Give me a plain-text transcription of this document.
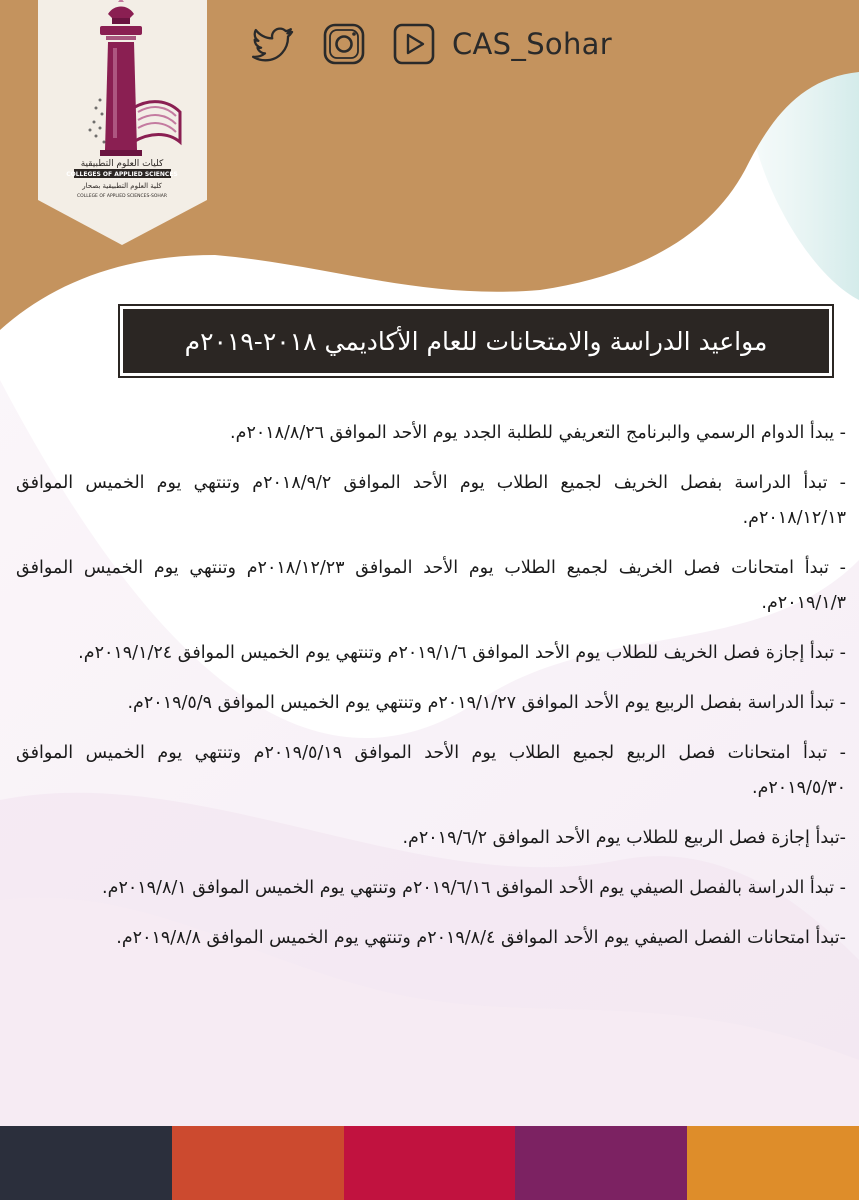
كليات العلوم التطبيقية
COLLEGES OF APPLIED SCIENCES
كلية العلوم التطبيقية بصحار
COLLEGE OF APPLIED SCIENCES-SOHAR
CAS_Sohar
مواعيد الدراسة والامتحانات للعام الأكاديمي ٢٠١٨-٢٠١٩م

- يبدأ الدوام الرسمي والبرنامج التعريفي للطلبة الجدد يوم الأحد الموافق ٢٠١٨/٨/٢٦م.

- تبدأ الدراسة بفصل الخريف لجميع الطلاب يوم الأحد الموافق ٢٠١٨/٩/٢م وتنتهي يوم الخميس الموافق ٢٠١٨/١٢/١٣م.

- تبدأ امتحانات فصل الخريف لجميع الطلاب يوم الأحد الموافق ٢٠١٨/١٢/٢٣م وتنتهي يوم الخميس الموافق ٢٠١٩/١/٣م.

- تبدأ إجازة فصل الخريف للطلاب يوم الأحد الموافق ٢٠١٩/١/٦م وتنتهي يوم الخميس الموافق ٢٠١٩/١/٢٤م.

- تبدأ الدراسة بفصل الربيع يوم الأحد الموافق ٢٠١٩/١/٢٧م وتنتهي يوم الخميس الموافق ٢٠١٩/٥/٩م.

- تبدأ امتحانات فصل الربيع لجميع الطلاب يوم الأحد الموافق ٢٠١٩/٥/١٩م وتنتهي يوم الخميس الموافق ٢٠١٩/٥/٣٠م.

-تبدأ إجازة فصل الربيع للطلاب يوم الأحد الموافق ٢٠١٩/٦/٢م.

- تبدأ الدراسة بالفصل الصيفي يوم الأحد الموافق ٢٠١٩/٦/١٦م وتنتهي يوم الخميس الموافق ٢٠١٩/٨/١م.

-تبدأ امتحانات الفصل الصيفي يوم الأحد الموافق ٢٠١٩/٨/٤م وتنتهي يوم الخميس الموافق ٢٠١٩/٨/٨م.
